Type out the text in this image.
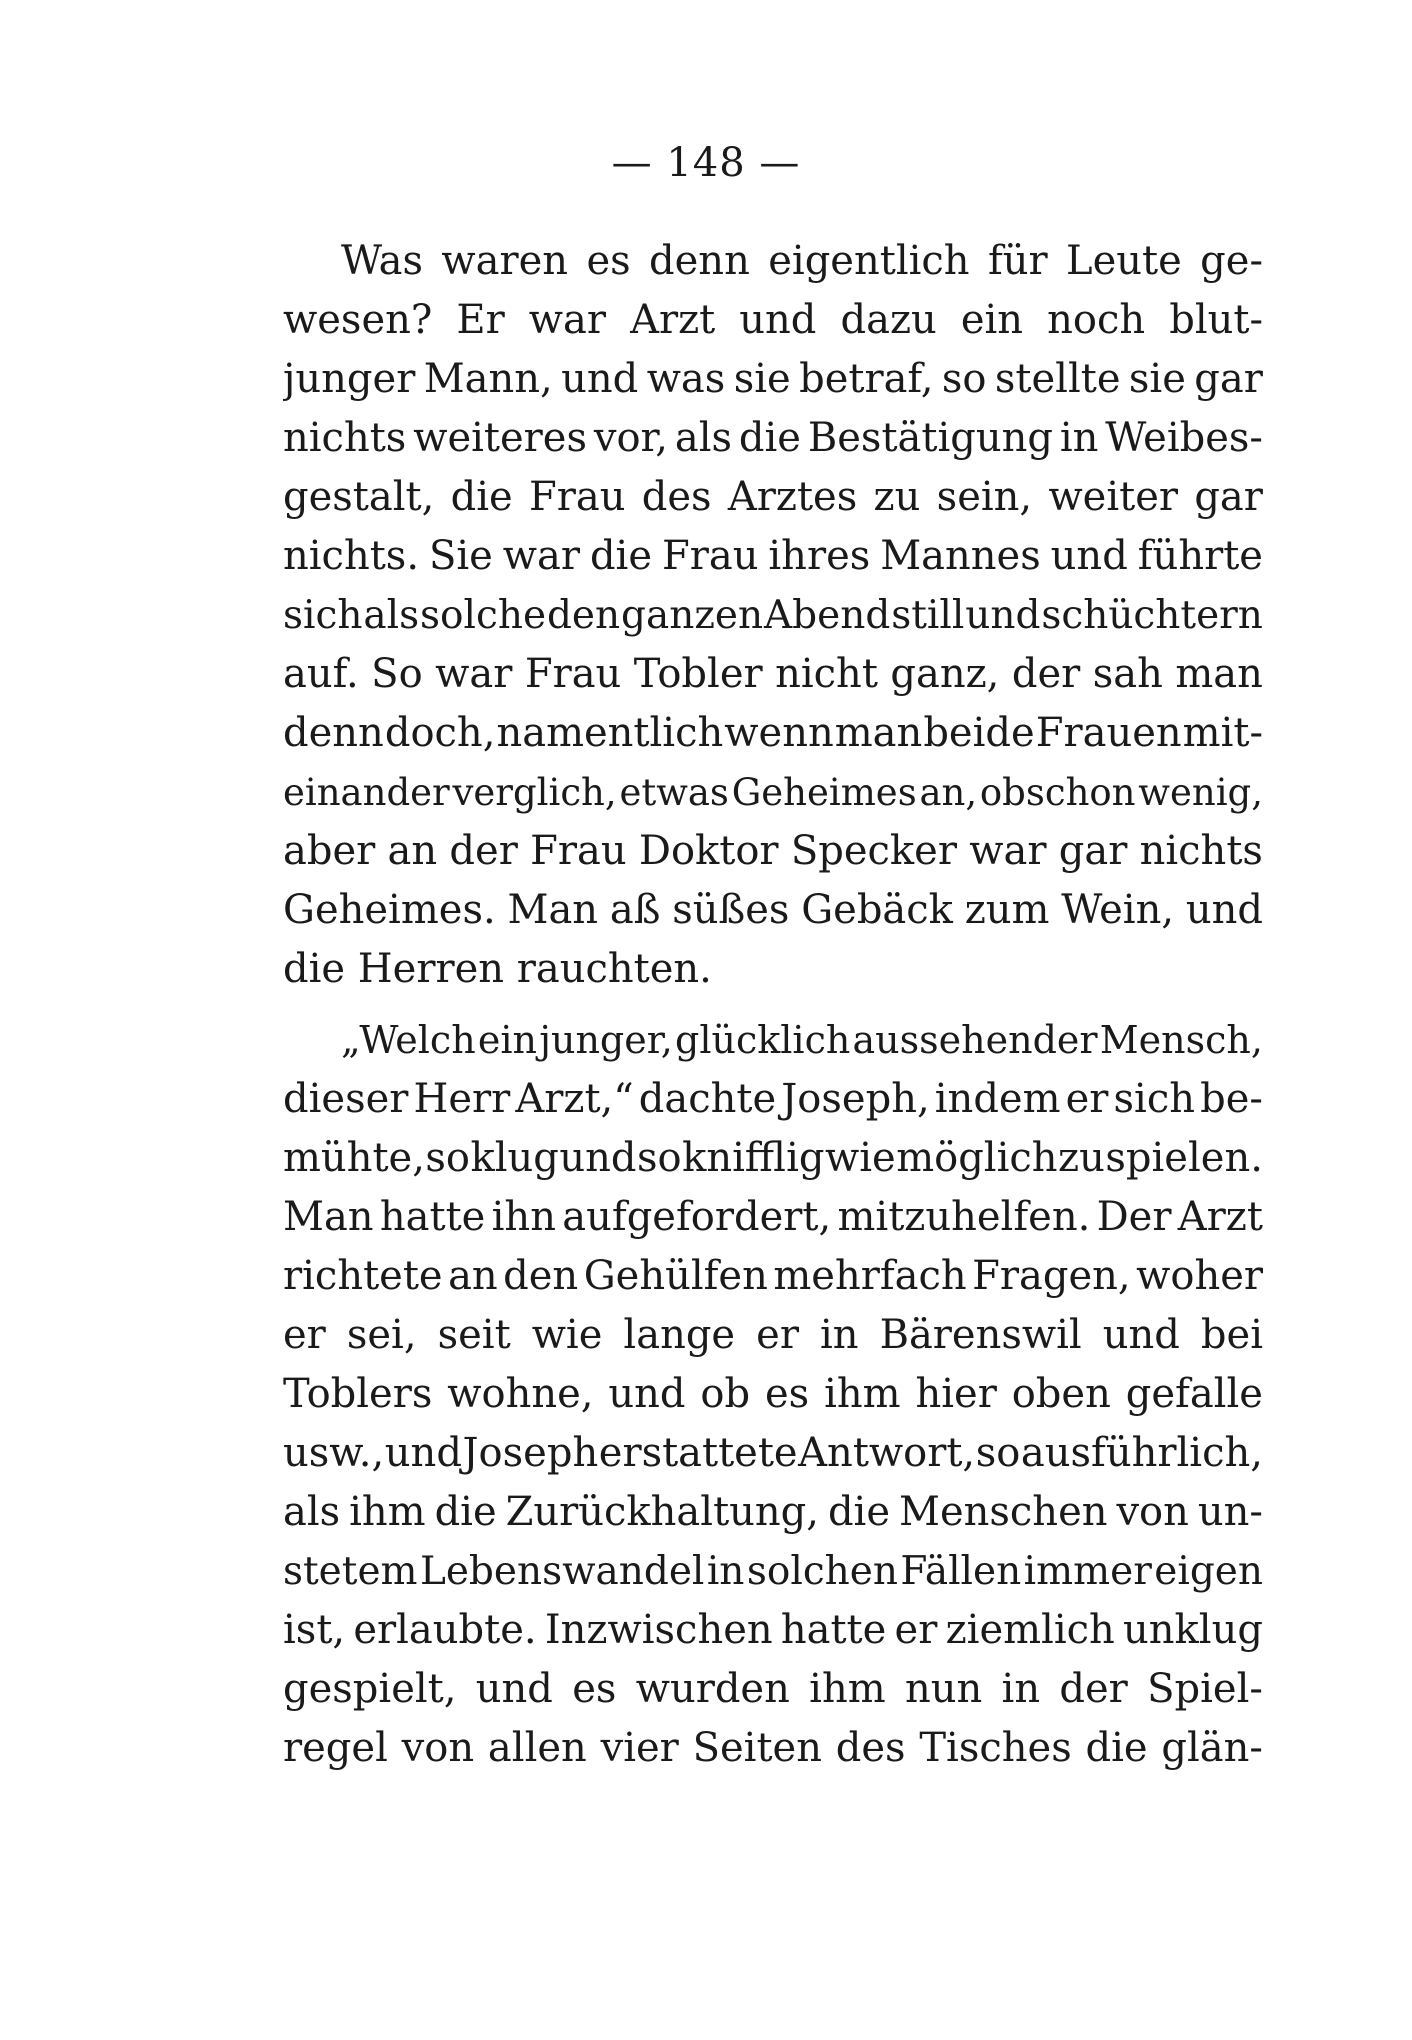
— 148 —
Was waren es denn eigentlich für Leute ge-
wesen? Er war Arzt und dazu ein noch blut-
junger Mann, und was sie betraf, so stellte sie gar
nichts weiteres vor, als die Bestätigung in Weibes-
gestalt, die Frau des Arztes zu sein, weiter gar
nichts. Sie war die Frau ihres Mannes und führte
sich als solche den ganzen Abend still und schüchtern
auf. So war Frau Tobler nicht ganz, der sah man
denn doch, namentlich wenn man beide Frauen mit-
einander verglich, etwas Geheimes an, obschon wenig,
aber an der Frau Doktor Specker war gar nichts
Geheimes. Man aß süßes Gebäck zum Wein, und
die Herren rauchten.
„Welch ein junger, glücklich aussehender Mensch,
dieser Herr Arzt,“ dachte Joseph, indem er sich be-
mühte, so klug und so knifflig wie möglich zu spielen.
Man hatte ihn aufgefordert, mitzuhelfen. Der Arzt
richtete an den Gehülfen mehrfach Fragen, woher
er sei, seit wie lange er in Bärenswil und bei
Toblers wohne, und ob es ihm hier oben gefalle
usw., und Joseph erstattete Antwort, so ausführlich,
als ihm die Zurückhaltung, die Menschen von un-
stetem Lebenswandel in solchen Fällen immer eigen
ist, erlaubte. Inzwischen hatte er ziemlich unklug
gespielt, und es wurden ihm nun in der Spiel-
regel von allen vier Seiten des Tisches die glän-
